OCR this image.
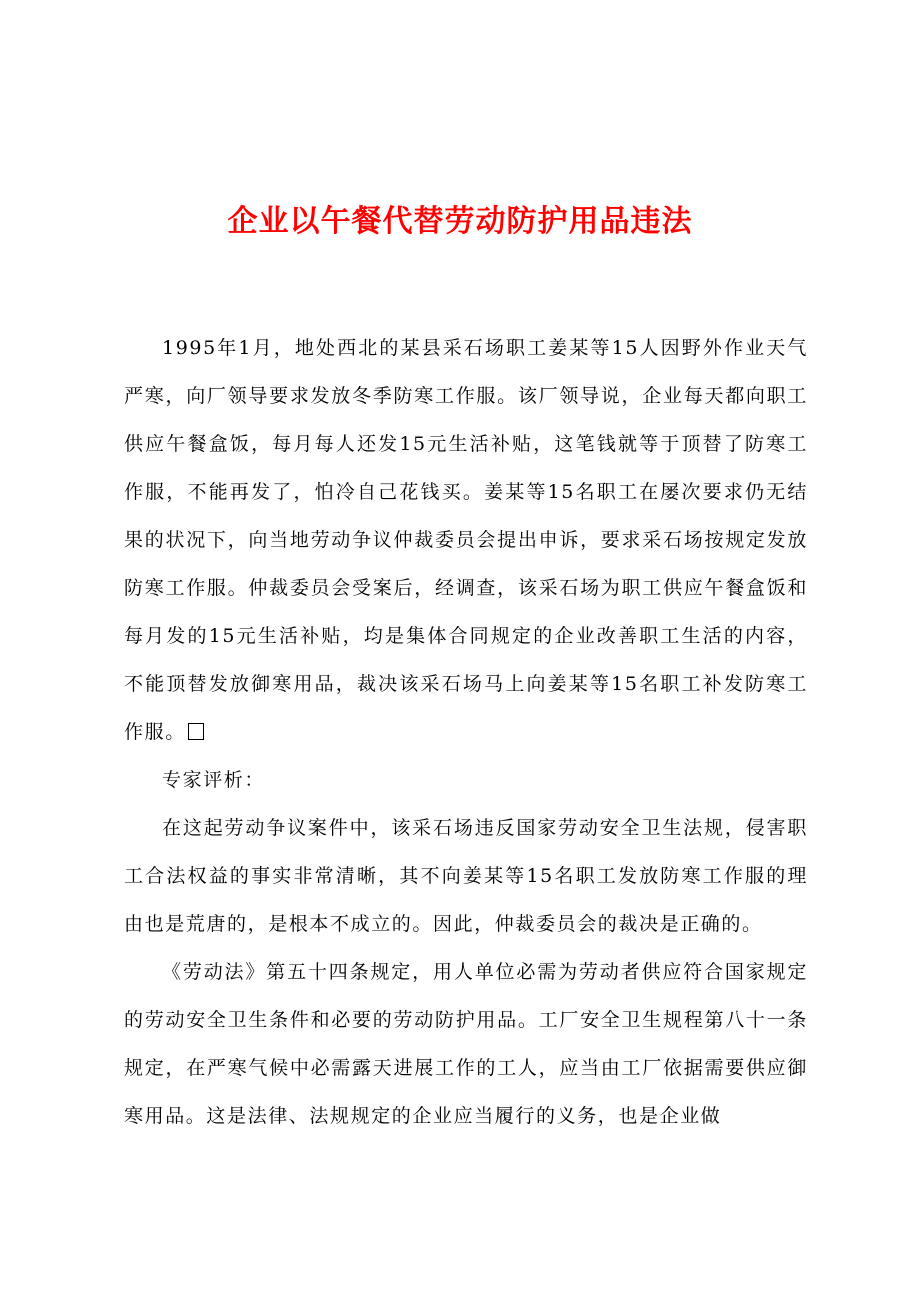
企业以午餐代替劳动防护用品违法

1995年1月，地处西北的某县采石场职工姜某等15人因野外作业天气严寒，向厂领导要求发放冬季防寒工作服。该厂领导说，企业每天都向职工供应午餐盒饭，每月每人还发15元生活补贴，这笔钱就等于顶替了防寒工作服，不能再发了，怕冷自己花钱买。姜某等15名职工在屡次要求仍无结果的状况下，向当地劳动争议仲裁委员会提出申诉，要求采石场按规定发放防寒工作服。仲裁委员会受案后，经调查，该采石场为职工供应午餐盒饭和每月发的15元生活补贴，均是集体合同规定的企业改善职工生活的内容，不能顶替发放御寒用品，裁决该采石场马上向姜某等15名职工补发防寒工作服。

专家评析：

在这起劳动争议案件中，该采石场违反国家劳动安全卫生法规，侵害职工合法权益的事实非常清晰，其不向姜某等15名职工发放防寒工作服的理由也是荒唐的，是根本不成立的。因此，仲裁委员会的裁决是正确的。

《劳动法》第五十四条规定，用人单位必需为劳动者供应符合国家规定的劳动安全卫生条件和必要的劳动防护用品。工厂安全卫生规程第八十一条规定，在严寒气候中必需露天进展工作的工人，应当由工厂依据需要供应御寒用品。这是法律、法规规定的企业应当履行的义务，也是企业做
